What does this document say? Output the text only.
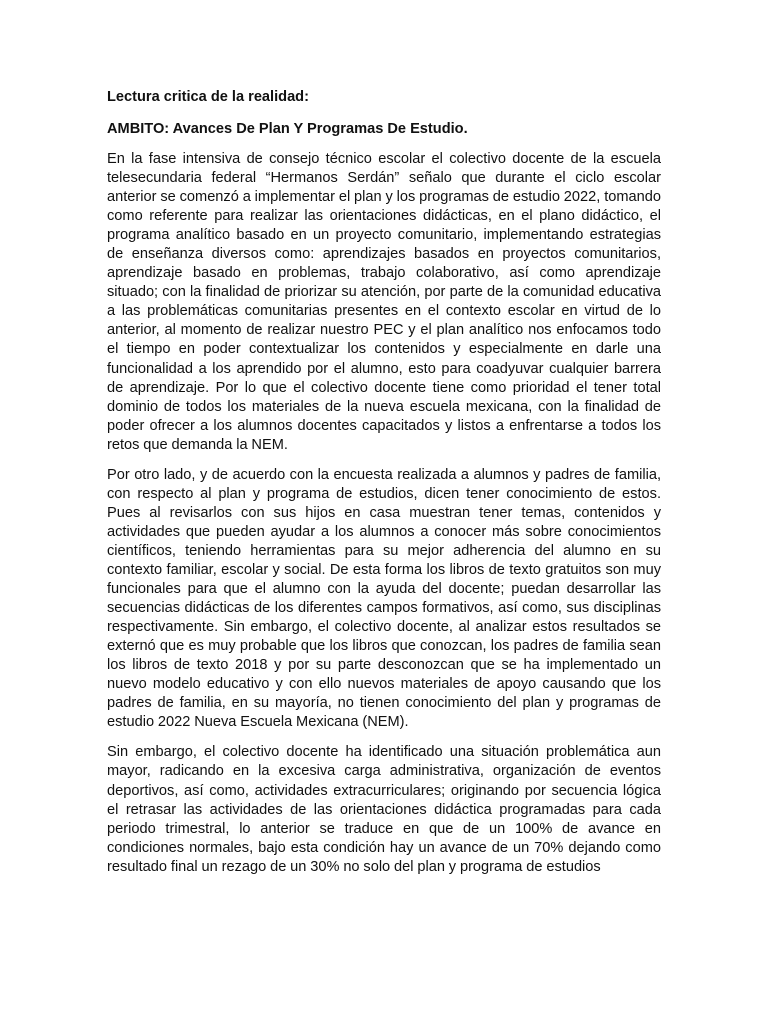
Lectura critica de la realidad:

AMBITO: Avances De Plan Y Programas De Estudio.

En la fase intensiva de consejo técnico escolar el colectivo docente de la escuela telesecundaria federal “Hermanos Serdán” señalo que durante el ciclo escolar anterior se comenzó a implementar el plan y los programas de estudio 2022, tomando como referente para realizar las orientaciones didácticas, en el plano didáctico, el programa analítico basado en un proyecto comunitario, implementando estrategias de enseñanza diversos como: aprendizajes basados en proyectos comunitarios, aprendizaje basado en problemas, trabajo colaborativo, así como aprendizaje situado; con la finalidad de priorizar su atención, por parte de la comunidad educativa a las problemáticas comunitarias presentes en el contexto escolar en virtud de lo anterior, al momento de realizar nuestro PEC y el plan analítico nos enfocamos todo el tiempo en poder contextualizar los contenidos y especialmente en darle una funcionalidad a los aprendido por el alumno, esto para coadyuvar cualquier barrera de aprendizaje. Por lo que el colectivo docente tiene como prioridad el tener total dominio de todos los materiales de la nueva escuela mexicana, con la finalidad de poder ofrecer a los alumnos docentes capacitados y listos a enfrentarse a todos los retos que demanda la NEM.

Por otro lado, y de acuerdo con la encuesta realizada a alumnos y padres de familia, con respecto al plan y programa de estudios, dicen tener conocimiento de estos. Pues al revisarlos con sus hijos en casa muestran tener temas, contenidos y actividades que pueden ayudar a los alumnos a conocer más sobre conocimientos científicos, teniendo herramientas para su mejor adherencia del alumno en su contexto familiar, escolar y social. De esta forma los libros de texto gratuitos son muy funcionales para que el alumno con la ayuda del docente; puedan desarrollar las secuencias didácticas de los diferentes campos formativos, así como, sus disciplinas respectivamente. Sin embargo, el colectivo docente, al analizar estos resultados se externó que es muy probable que los libros que conozcan, los padres de familia sean los libros de texto 2018 y por su parte desconozcan que se ha implementado un nuevo modelo educativo y con ello nuevos materiales de apoyo causando que los padres de familia, en su mayoría, no tienen conocimiento del plan y programas de estudio 2022 Nueva Escuela Mexicana (NEM).

Sin embargo, el colectivo docente ha identificado una situación problemática aun mayor, radicando en la excesiva carga administrativa, organización de eventos deportivos, así como, actividades extracurriculares; originando por secuencia lógica el retrasar las actividades de las orientaciones didáctica programadas para cada periodo trimestral, lo anterior se traduce en que de un 100% de avance en condiciones normales, bajo esta condición hay un avance de un 70% dejando como resultado final un rezago de un 30% no solo del plan y programa de estudios
